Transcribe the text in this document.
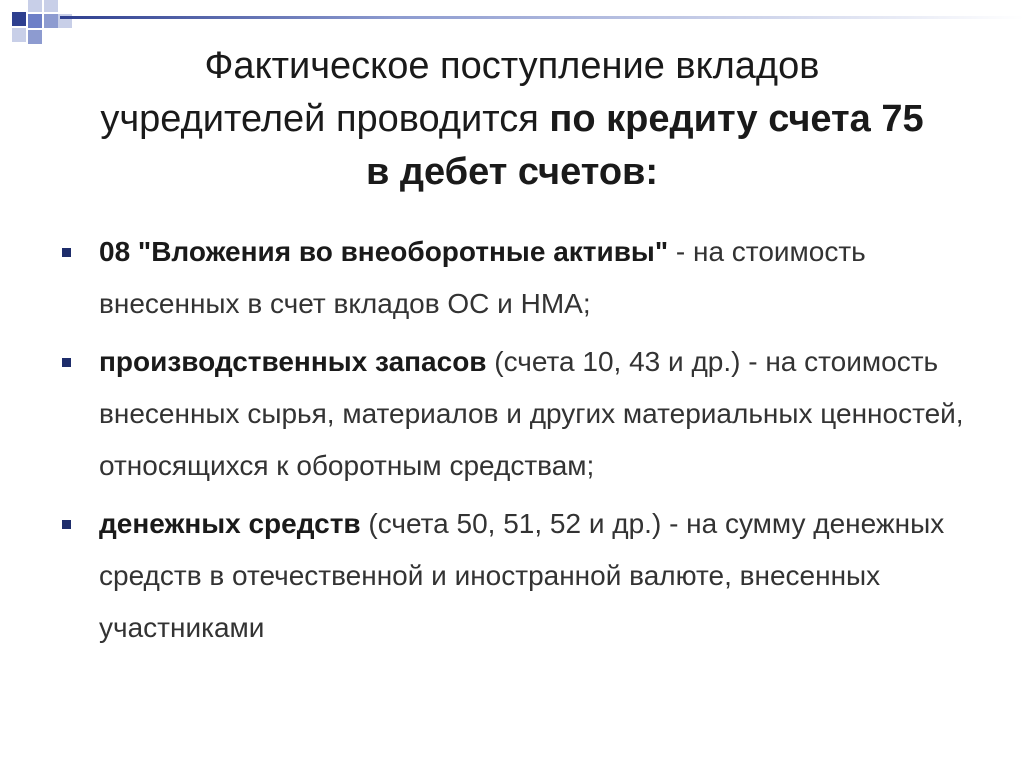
Фактическое поступление вкладов
учредителей проводится по кредиту счета 75
в дебет счетов:
08 "Вложения во внеоборотные активы" - на стоимость внесенных в счет вкладов ОС и НМА;
производственных запасов (счета 10, 43 и др.) - на стоимость внесенных сырья, материалов и других материальных ценностей, относящихся к оборотным средствам;
денежных средств (счета 50, 51, 52 и др.) - на сумму денежных средств в отечественной и иностранной валюте, внесенных участниками
